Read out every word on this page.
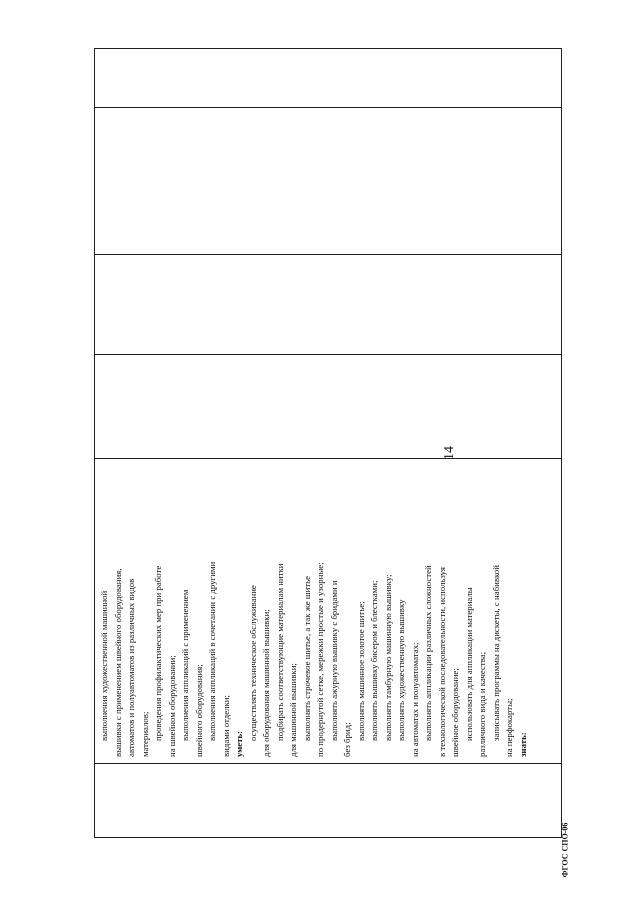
14
выполнения художественной машинной вышивки с применением швейного оборудования, автоматов и полуавтоматов из различных видов материалов; проведения профилактических мер при работе на швейном оборудовании; выполнения аппликаций с применением швейного оборудования; выполнения аппликаций в сочетании с другими видами отделки; уметь:
осуществлять техническое обслуживание для оборудования машинной вышивки; подбирать соответствующие материалам нитки для машинной вышивки; выполнять строчевое шитье, а так же шитье по продернутой сетке, мережки простые и узорные; выполнять ажурную вышивку с бридами и без брид; выполнять машинное золотое шитье; выполнять вышивку бисером и блестками; выполнять тамбурную машинную вышивку; выполнять художественную вышивку на автоматах и полуавтоматах; выполнять аппликации различных сложностей в технологической последовательности, используя швейное оборудование; использовать для аппликации материалы различного вида и качества; записывать программы на дискеты, с набивкой на перфокарты; знать:
ФГОС СПО-06
